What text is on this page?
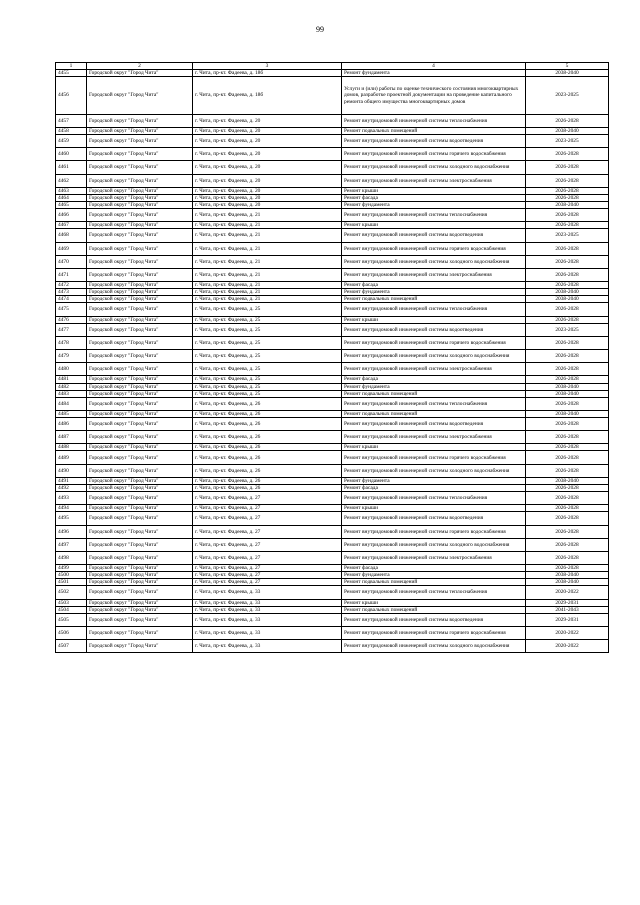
99
1	2	3	4	5
4455	Городской округ "Город Чита"	г. Чита, пр-кт. Фадеева, д. 18б	Ремонт фундамента	2038-2040
4456	Городской округ "Город Чита"	г. Чита, пр-кт. Фадеева, д. 18б	Услуги и (или) работы по оценке технического состояния многоквартирных домов, разработке проектной документации на проведение капитального ремонта общего имущества многоквартирных домов	2023-2025
4457	Городской округ "Город Чита"	г. Чита, пр-кт. Фадеева, д. 20	Ремонт внутридомовой инженерной системы теплоснабжения	2026-2028
4458	Городской округ "Город Чита"	г. Чита, пр-кт. Фадеева, д. 20	Ремонт подвальных помещений	2038-2040
4459	Городской округ "Город Чита"	г. Чита, пр-кт. Фадеева, д. 20	Ремонт внутридомовой инженерной системы водоотведения	2023-2025
4460	Городской округ "Город Чита"	г. Чита, пр-кт. Фадеева, д. 20	Ремонт внутридомовой инженерной системы горячего водоснабжения	2026-2028
4461	Городской округ "Город Чита"	г. Чита, пр-кт. Фадеева, д. 20	Ремонт внутридомовой инженерной системы холодного водоснабжения	2026-2028
4462	Городской округ "Город Чита"	г. Чита, пр-кт. Фадеева, д. 20	Ремонт внутридомовой инженерной системы электроснабжения	2026-2028
4463	Городской округ "Город Чита"	г. Чита, пр-кт. Фадеева, д. 20	Ремонт крыши	2026-2028
4464	Городской округ "Город Чита"	г. Чита, пр-кт. Фадеева, д. 20	Ремонт фасада	2026-2028
4465	Городской округ "Город Чита"	г. Чита, пр-кт. Фадеева, д. 20	Ремонт фундамента	2038-2040
4466	Городской округ "Город Чита"	г. Чита, пр-кт. Фадеева, д. 21	Ремонт внутридомовой инженерной системы теплоснабжения	2026-2028
4467	Городской округ "Город Чита"	г. Чита, пр-кт. Фадеева, д. 21	Ремонт крыши	2026-2028
4468	Городской округ "Город Чита"	г. Чита, пр-кт. Фадеева, д. 21	Ремонт внутридомовой инженерной системы водоотведения	2023-2025
4469	Городской округ "Город Чита"	г. Чита, пр-кт. Фадеева, д. 21	Ремонт внутридомовой инженерной системы горячего водоснабжения	2026-2028
4470	Городской округ "Город Чита"	г. Чита, пр-кт. Фадеева, д. 21	Ремонт внутридомовой инженерной системы холодного водоснабжения	2026-2028
4471	Городской округ "Город Чита"	г. Чита, пр-кт. Фадеева, д. 21	Ремонт внутридомовой инженерной системы электроснабжения	2026-2028
4472	Городской округ "Город Чита"	г. Чита, пр-кт. Фадеева, д. 21	Ремонт фасада	2026-2028
4473	Городской округ "Город Чита"	г. Чита, пр-кт. Фадеева, д. 21	Ремонт фундамента	2038-2040
4474	Городской округ "Город Чита"	г. Чита, пр-кт. Фадеева, д. 21	Ремонт подвальных помещений	2038-2040
4475	Городской округ "Город Чита"	г. Чита, пр-кт. Фадеева, д. 25	Ремонт внутридомовой инженерной системы теплоснабжения	2026-2028
4476	Городской округ "Город Чита"	г. Чита, пр-кт. Фадеева, д. 25	Ремонт крыши	2026-2028
4477	Городской округ "Город Чита"	г. Чита, пр-кт. Фадеева, д. 25	Ремонт внутридомовой инженерной системы водоотведения	2023-2025
4478	Городской округ "Город Чита"	г. Чита, пр-кт. Фадеева, д. 25	Ремонт внутридомовой инженерной системы горячего водоснабжения	2026-2028
4479	Городской округ "Город Чита"	г. Чита, пр-кт. Фадеева, д. 25	Ремонт внутридомовой инженерной системы холодного водоснабжения	2026-2028
4480	Городской округ "Город Чита"	г. Чита, пр-кт. Фадеева, д. 25	Ремонт внутридомовой инженерной системы электроснабжения	2026-2028
4481	Городской округ "Город Чита"	г. Чита, пр-кт. Фадеева, д. 25	Ремонт фасада	2026-2028
4482	Городской округ "Город Чита"	г. Чита, пр-кт. Фадеева, д. 25	Ремонт фундамента	2038-2040
4483	Городской округ "Город Чита"	г. Чита, пр-кт. Фадеева, д. 25	Ремонт подвальных помещений	2038-2040
4484	Городской округ "Город Чита"	г. Чита, пр-кт. Фадеева, д. 26	Ремонт внутридомовой инженерной системы теплоснабжения	2026-2028
4485	Городской округ "Город Чита"	г. Чита, пр-кт. Фадеева, д. 26	Ремонт подвальных помещений	2038-2040
4486	Городской округ "Город Чита"	г. Чита, пр-кт. Фадеева, д. 26	Ремонт внутридомовой инженерной системы водоотведения	2026-2028
4487	Городской округ "Город Чита"	г. Чита, пр-кт. Фадеева, д. 26	Ремонт внутридомовой инженерной системы электроснабжения	2026-2028
4488	Городской округ "Город Чита"	г. Чита, пр-кт. Фадеева, д. 26	Ремонт крыши	2026-2028
4489	Городской округ "Город Чита"	г. Чита, пр-кт. Фадеева, д. 26	Ремонт внутридомовой инженерной системы горячего водоснабжения	2026-2028
4490	Городской округ "Город Чита"	г. Чита, пр-кт. Фадеева, д. 26	Ремонт внутридомовой инженерной системы холодного водоснабжения	2026-2028
4491	Городской округ "Город Чита"	г. Чита, пр-кт. Фадеева, д. 26	Ремонт фундамента	2038-2040
4492	Городской округ "Город Чита"	г. Чита, пр-кт. Фадеева, д. 26	Ремонт фасада	2026-2028
4493	Городской округ "Город Чита"	г. Чита, пр-кт. Фадеева, д. 27	Ремонт внутридомовой инженерной системы теплоснабжения	2026-2028
4494	Городской округ "Город Чита"	г. Чита, пр-кт. Фадеева, д. 27	Ремонт крыши	2026-2028
4495	Городской округ "Город Чита"	г. Чита, пр-кт. Фадеева, д. 27	Ремонт внутридомовой инженерной системы водоотведения	2026-2028
4496	Городской округ "Город Чита"	г. Чита, пр-кт. Фадеева, д. 27	Ремонт внутридомовой инженерной системы горячего водоснабжения	2026-2028
4497	Городской округ "Город Чита"	г. Чита, пр-кт. Фадеева, д. 27	Ремонт внутридомовой инженерной системы холодного водоснабжения	2026-2028
4498	Городской округ "Город Чита"	г. Чита, пр-кт. Фадеева, д. 27	Ремонт внутридомовой инженерной системы электроснабжения	2026-2028
4499	Городской округ "Город Чита"	г. Чита, пр-кт. Фадеева, д. 27	Ремонт фасада	2026-2028
4500	Городской округ "Город Чита"	г. Чита, пр-кт. Фадеева, д. 27	Ремонт фундамента	2038-2040
4501	Городской округ "Город Чита"	г. Чита, пр-кт. Фадеева, д. 27	Ремонт подвальных помещений	2038-2040
4502	Городской округ "Город Чита"	г. Чита, пр-кт. Фадеева, д. 33	Ремонт внутридомовой инженерной системы теплоснабжения	2020-2022
4503	Городской округ "Город Чита"	г. Чита, пр-кт. Фадеева, д. 33	Ремонт крыши	2029-2031
4504	Городской округ "Город Чита"	г. Чита, пр-кт. Фадеева, д. 33	Ремонт подвальных помещений	2041-2043
4505	Городской округ "Город Чита"	г. Чита, пр-кт. Фадеева, д. 33	Ремонт внутридомовой инженерной системы водоотведения	2029-2031
4506	Городской округ "Город Чита"	г. Чита, пр-кт. Фадеева, д. 33	Ремонт внутридомовой инженерной системы горячего водоснабжения	2020-2022
4507	Городской округ "Город Чита"	г. Чита, пр-кт. Фадеева, д. 33	Ремонт внутридомовой инженерной системы холодного водоснабжения	2020-2022
